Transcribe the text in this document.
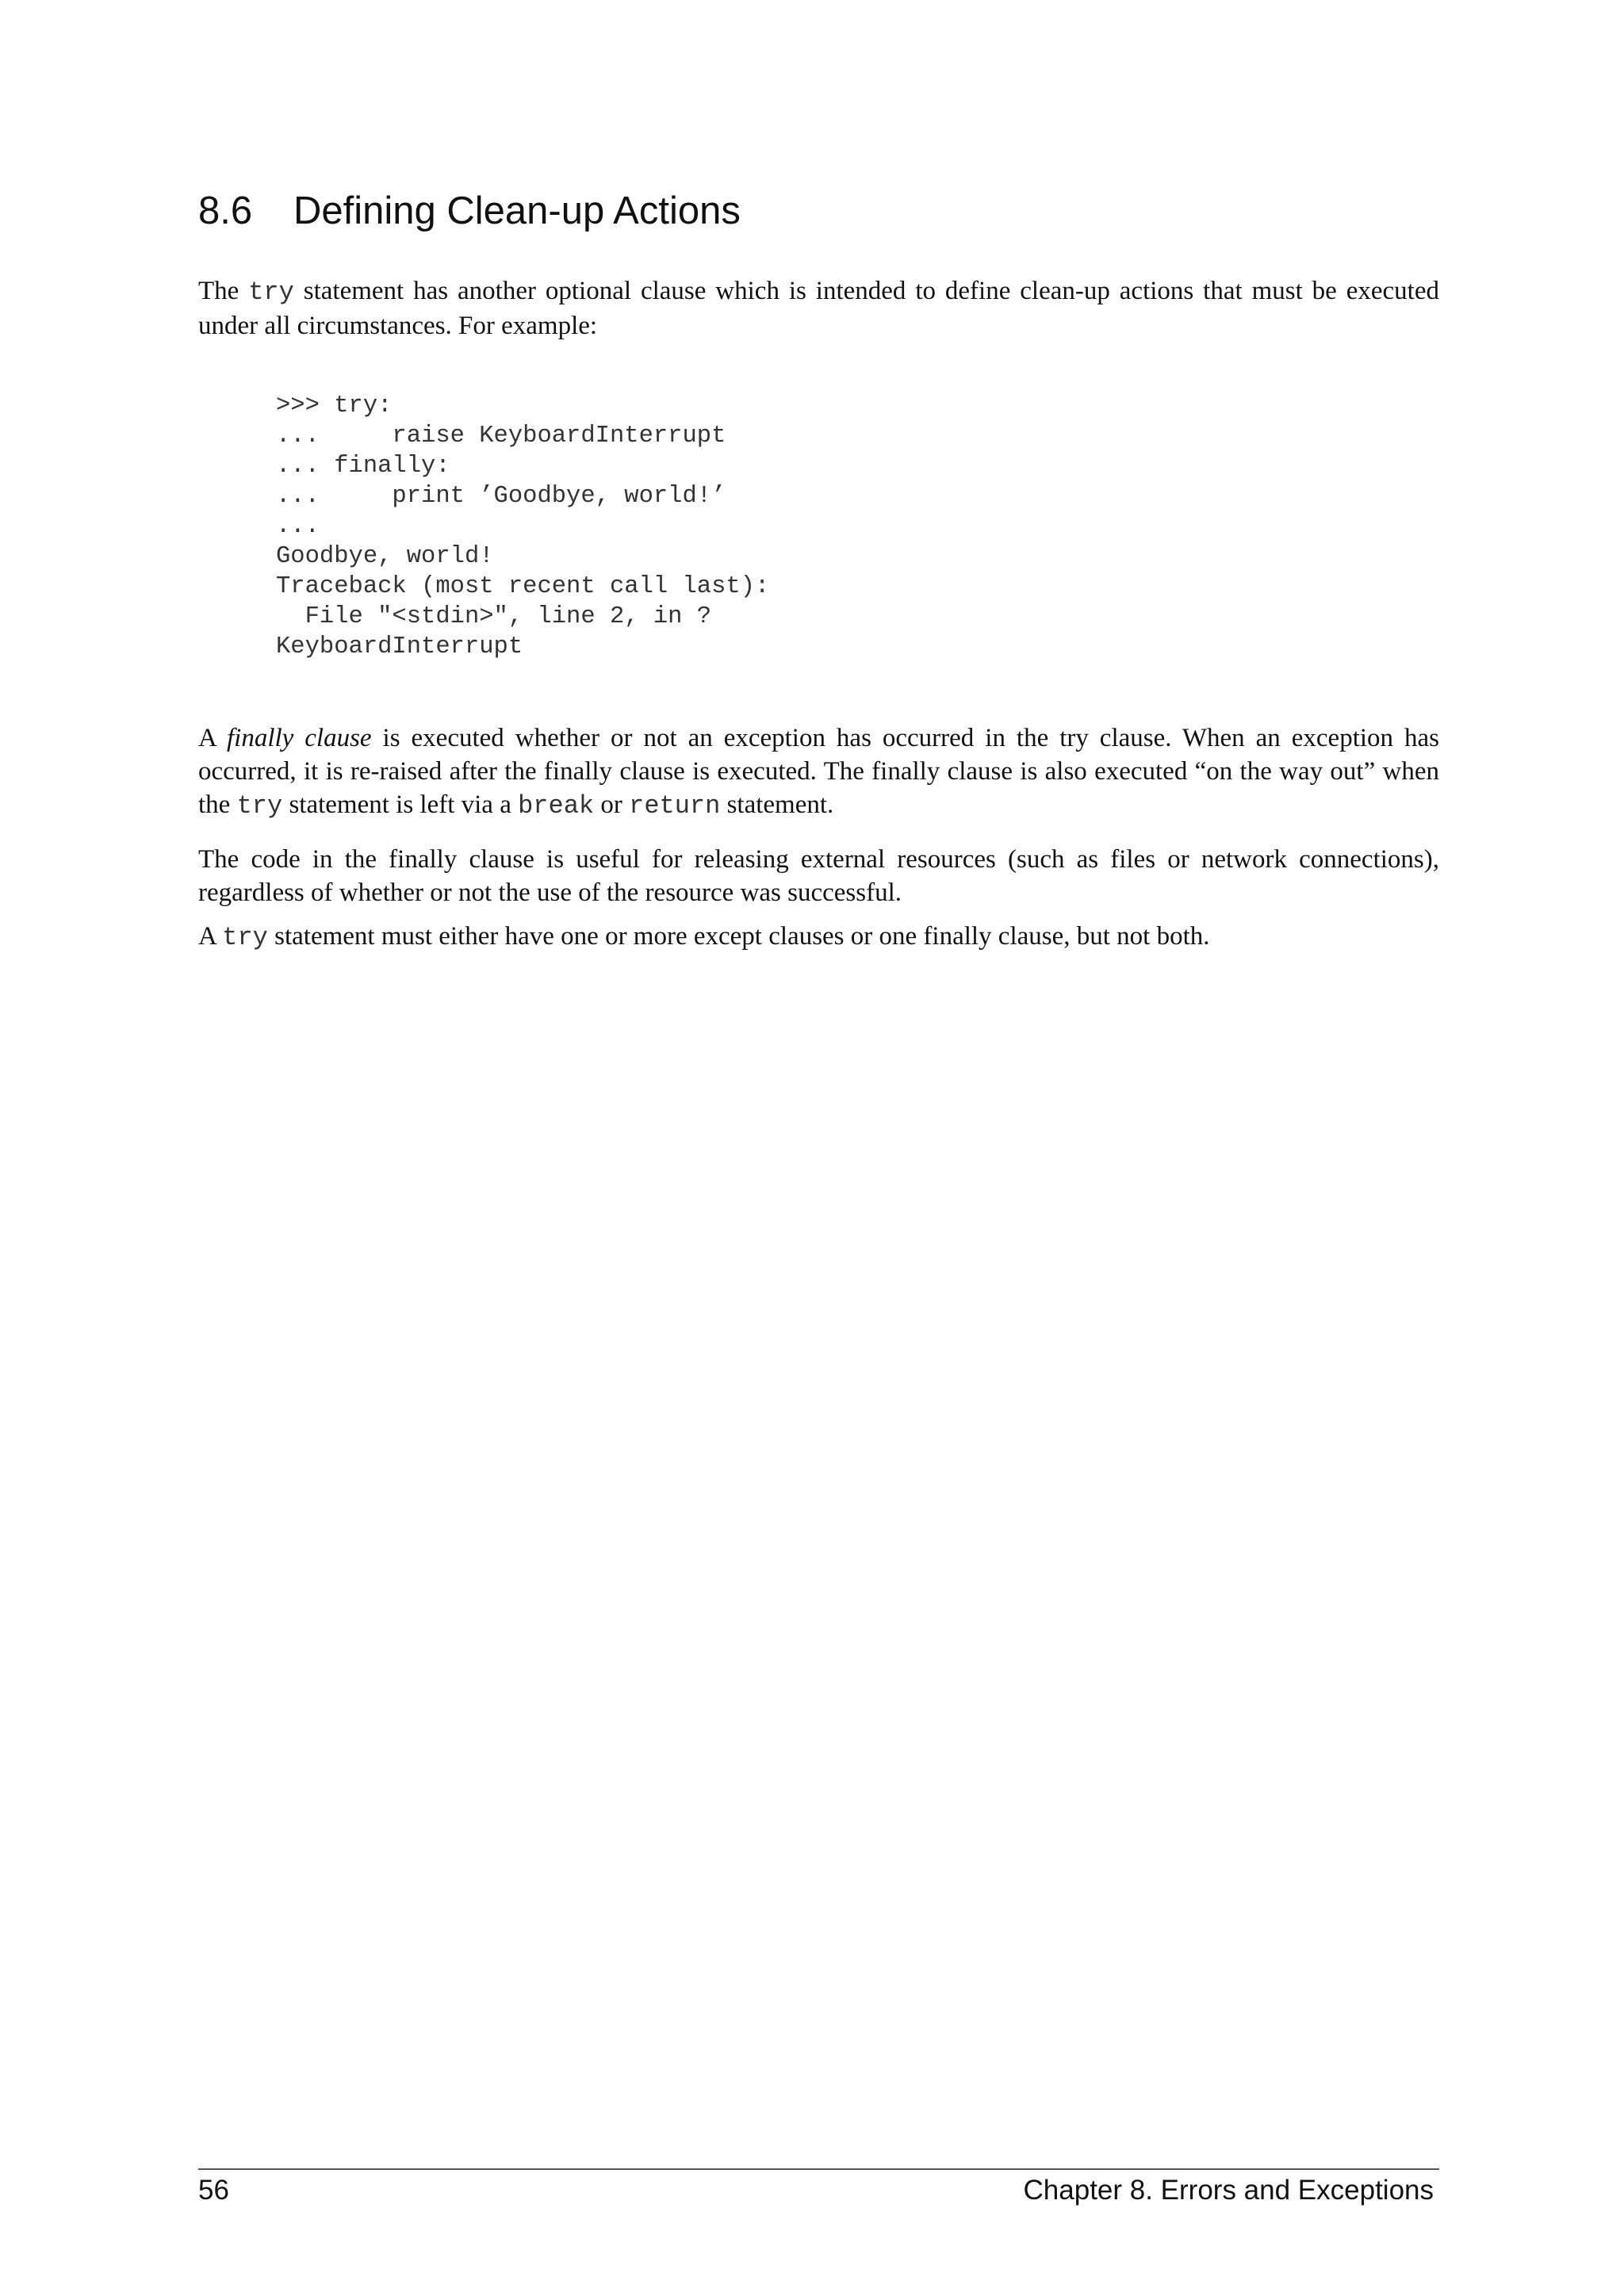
8.6 Defining Clean-up Actions

The try statement has another optional clause which is intended to define clean-up actions that must be executed under all circumstances. For example:

>>> try:
...     raise KeyboardInterrupt
... finally:
...     print ’Goodbye, world!’
...
Goodbye, world!
Traceback (most recent call last):
File "<stdin>", line 2, in ?
KeyboardInterrupt

A finally clause is executed whether or not an exception has occurred in the try clause. When an exception has occurred, it is re-raised after the finally clause is executed. The finally clause is also executed “on the way out” when the try statement is left via a break or return statement.

The code in the finally clause is useful for releasing external resources (such as files or network connections), regardless of whether or not the use of the resource was successful.

A try statement must either have one or more except clauses or one finally clause, but not both.

56	Chapter 8. Errors and Exceptions
